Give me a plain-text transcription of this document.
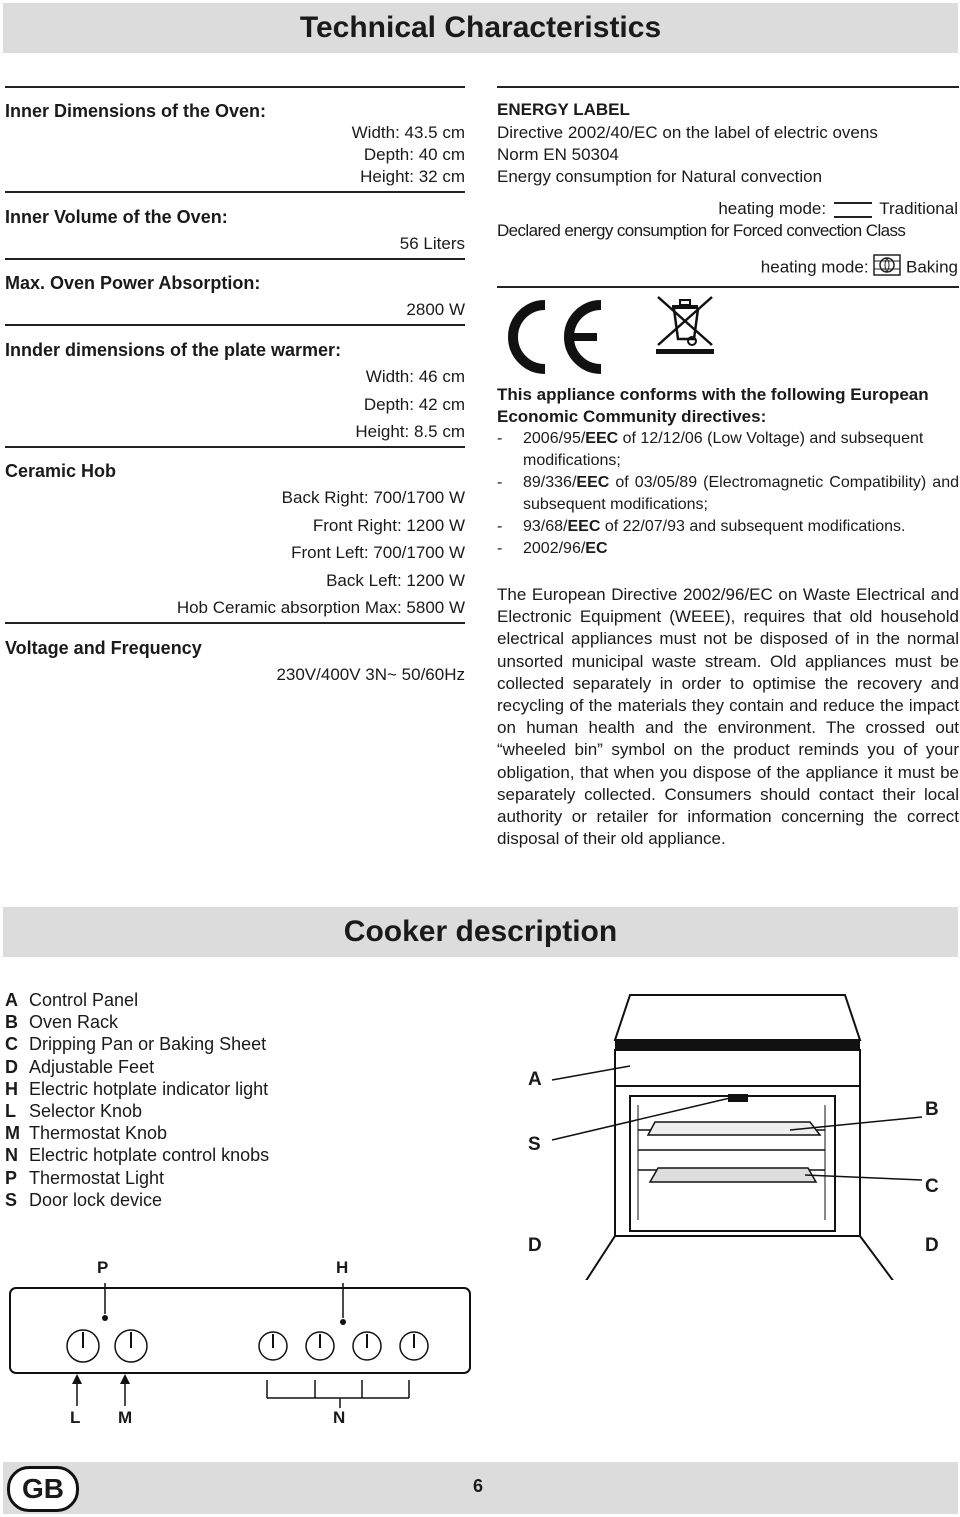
Technical Characteristics
Inner Dimensions of the Oven:
Width: 43.5 cm
Depth: 40 cm
Height: 32 cm
Inner Volume of the Oven:
56 Liters
Max. Oven Power Absorption:
2800 W
Innder dimensions of the plate warmer:
Width: 46 cm
Depth: 42 cm
Height: 8.5 cm
Ceramic Hob
Back Right: 700/1700 W
Front Right: 1200 W
Front Left: 700/1700 W
Back Left: 1200 W
Hob Ceramic absorption Max: 5800 W
Voltage and Frequency
230V/400V 3N~ 50/60Hz
ENERGY LABEL
Directive 2002/40/EC on the label of electric ovens
Norm EN 50304
Energy consumption for Natural convection
heating mode:	Traditional
Declared energy consumption for Forced convection Class
heating mode: Baking
This appliance conforms with the following European Economic Community directives:
- 2006/95/EEC of 12/12/06 (Low Voltage) and subsequent modifications;
- 89/336/EEC of 03/05/89 (Electromagnetic Compatibility) and subsequent modifications;
- 93/68/EEC of 22/07/93 and subsequent modifications.
- 2002/96/EC
The European Directive 2002/96/EC on Waste Electrical and Electronic Equipment (WEEE), requires that old household electrical appliances must not be disposed of in the normal unsorted municipal waste stream. Old appliances must be collected separately in order to optimise the recovery and recycling of the materials they contain and reduce the impact on human health and the environment. The crossed out “wheeled bin” symbol on the product reminds you of your obligation, that when you dispose of the appliance it must be separately collected. Consumers should contact their local authority or retailer for information concerning the correct disposal of their old appliance.
Cooker description
A Control Panel
B Oven Rack
C Dripping Pan or Baking Sheet
D Adjustable Feet
H Electric hotplate indicator light
L Selector Knob
M Thermostat Knob
N Electric hotplate control knobs
P Thermostat Light
S Door lock device
A
S
B
C
D	D
P	H
L M	N
GB	6
